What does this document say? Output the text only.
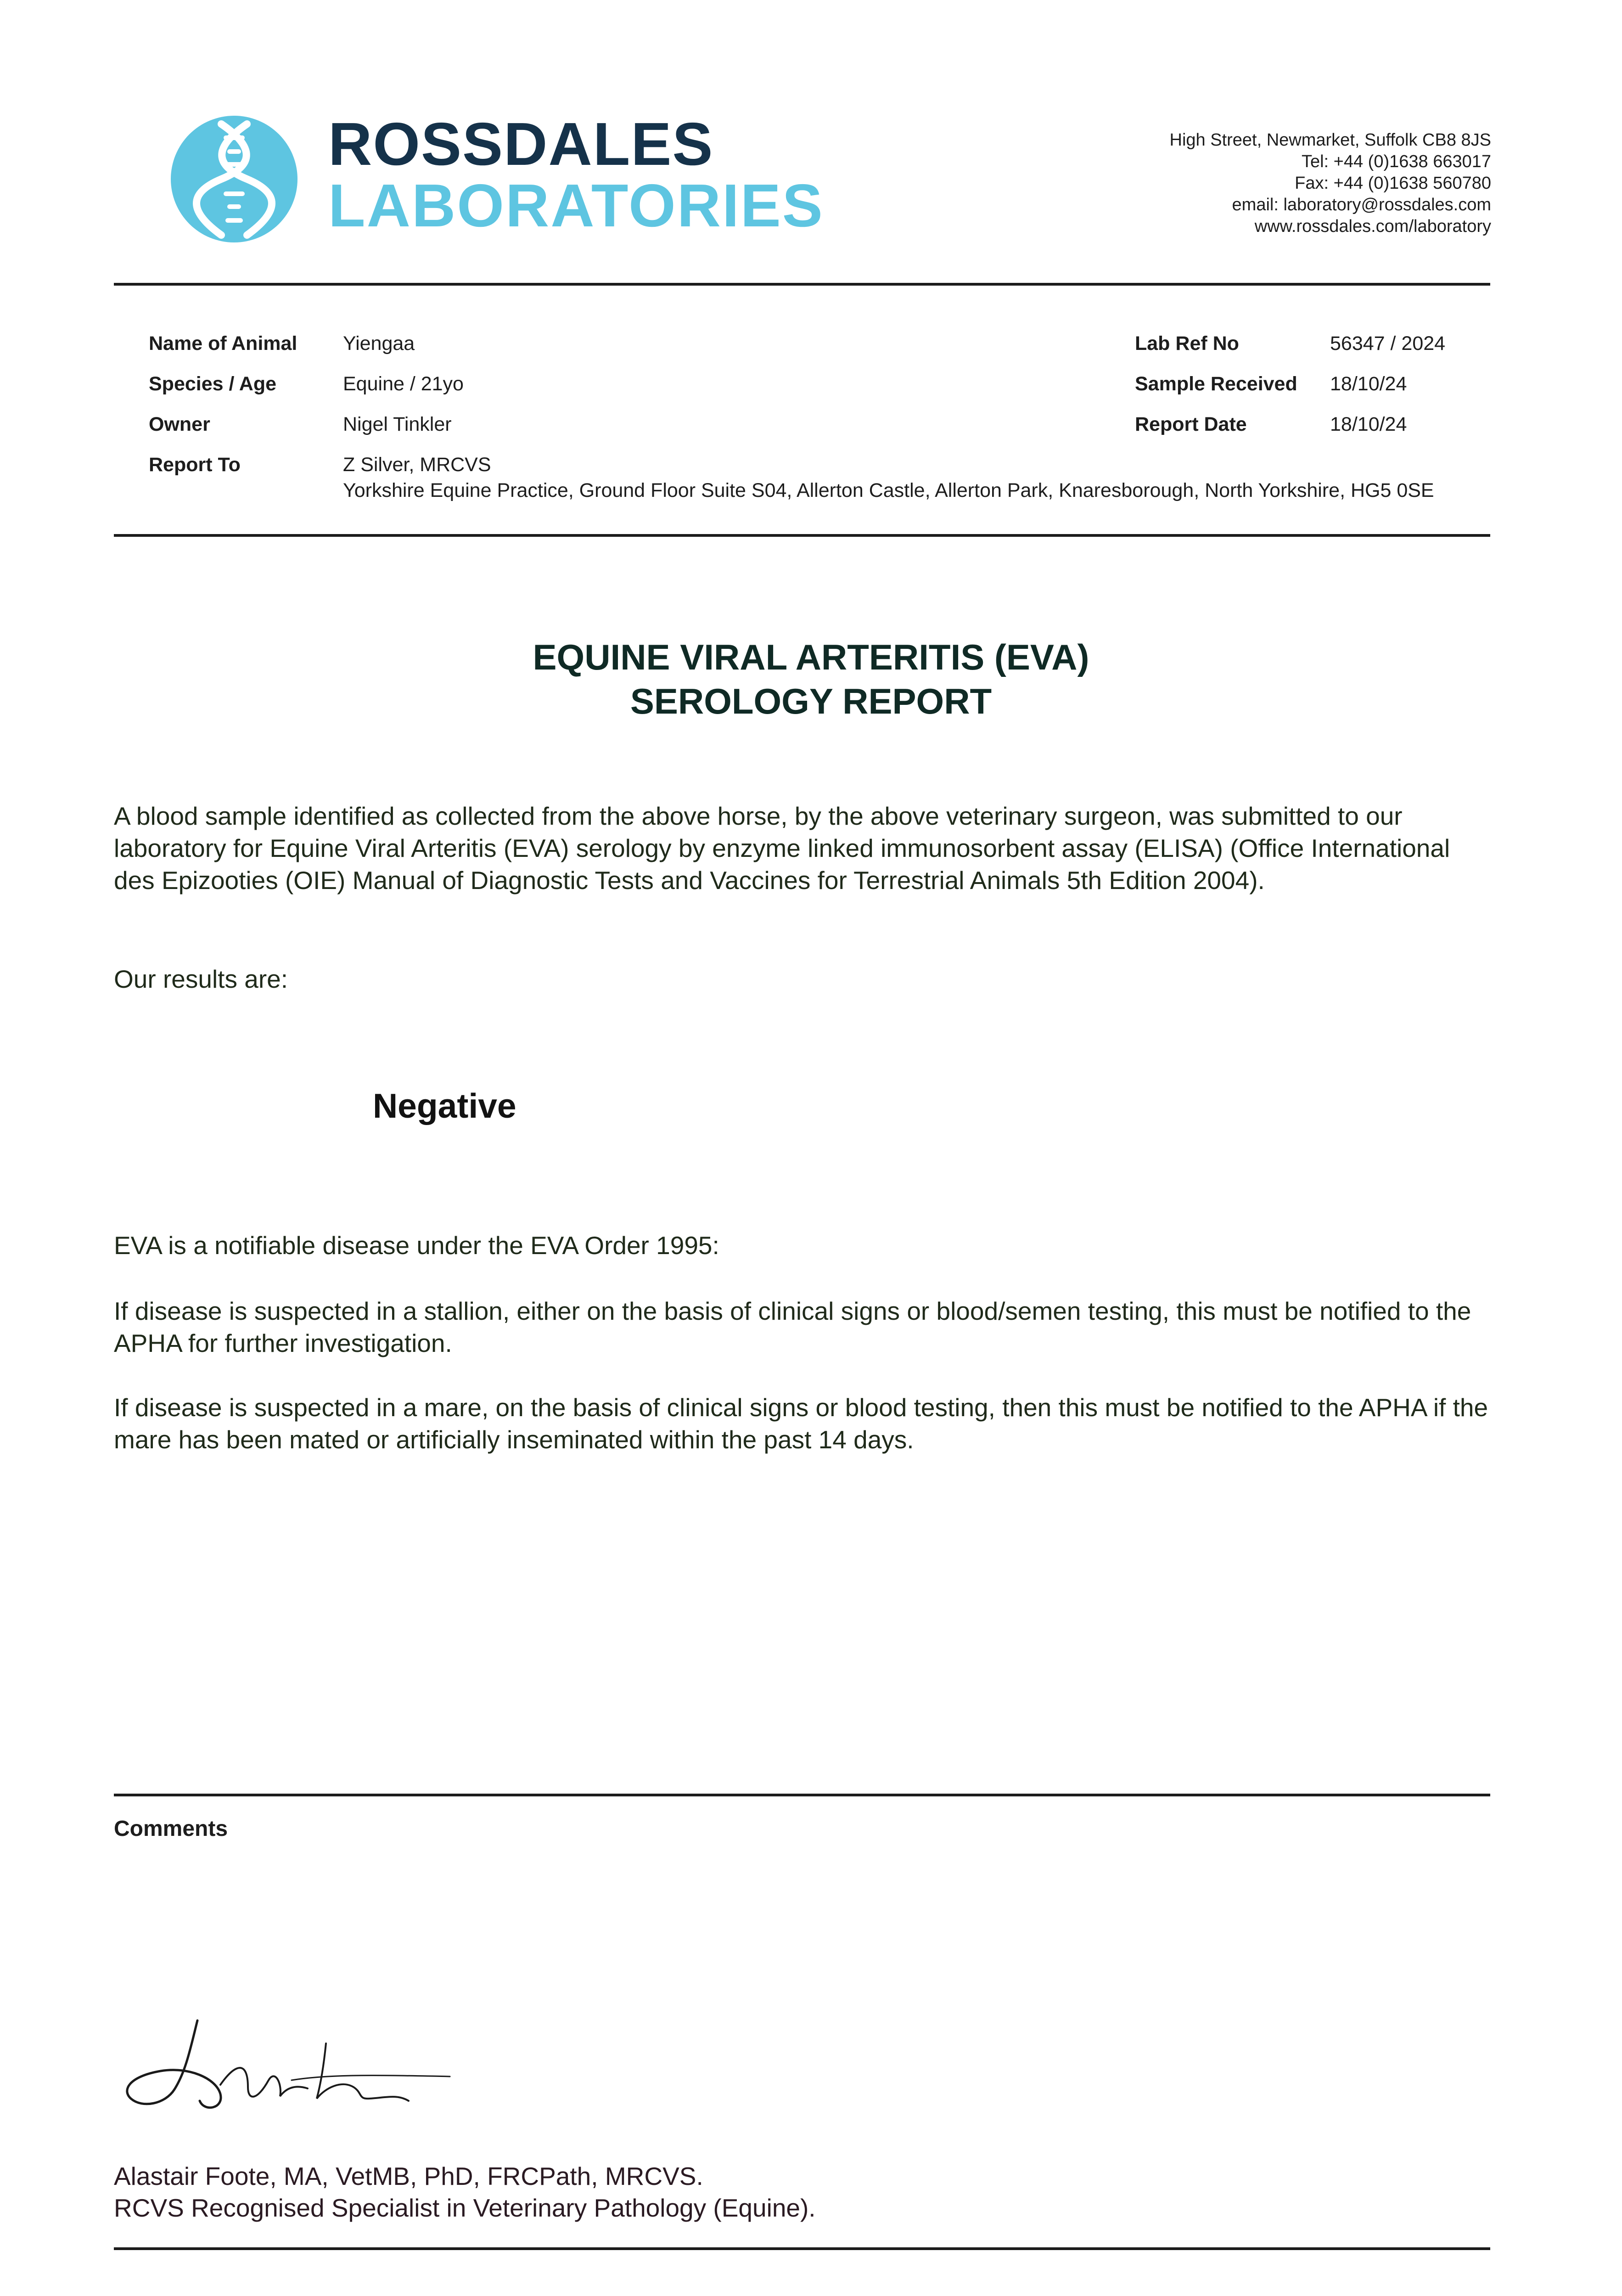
ROSSDALES
LABORATORIES
High Street, Newmarket, Suffolk CB8 8JS
Tel: +44 (0)1638 663017
Fax: +44 (0)1638 560780
email: laboratory@rossdales.com
www.rossdales.com/laboratory
Name of Animal Yiengaa
Species / Age	Equine / 21yo
Owner	Nigel Tinkler
Report To	Z Silver, MRCVS
Yorkshire Equine Practice, Ground Floor Suite S04, Allerton Castle, Allerton Park, Knaresborough, North Yorkshire, HG5 0SE
Lab Ref No	56347 / 2024
Sample Received 18/10/24
Report Date	18/10/24
EQUINE VIRAL ARTERITIS (EVA)
SEROLOGY REPORT
A blood sample identified as collected from the above horse, by the above veterinary surgeon, was submitted to our laboratory for Equine Viral Arteritis (EVA) serology by enzyme linked immunosorbent assay (ELISA) (Office International des Epizooties (OIE) Manual of Diagnostic Tests and Vaccines for Terrestrial Animals 5th Edition 2004).
Our results are:
Negative
EVA is a notifiable disease under the EVA Order 1995:
If disease is suspected in a stallion, either on the basis of clinical signs or blood/semen testing, this must be notified to the APHA for further investigation.
If disease is suspected in a mare, on the basis of clinical signs or blood testing, then this must be notified to the APHA if the mare has been mated or artificially inseminated within the past 14 days.
Comments
Alastair Foote, MA, VetMB, PhD, FRCPath, MRCVS.
RCVS Recognised Specialist in Veterinary Pathology (Equine).
